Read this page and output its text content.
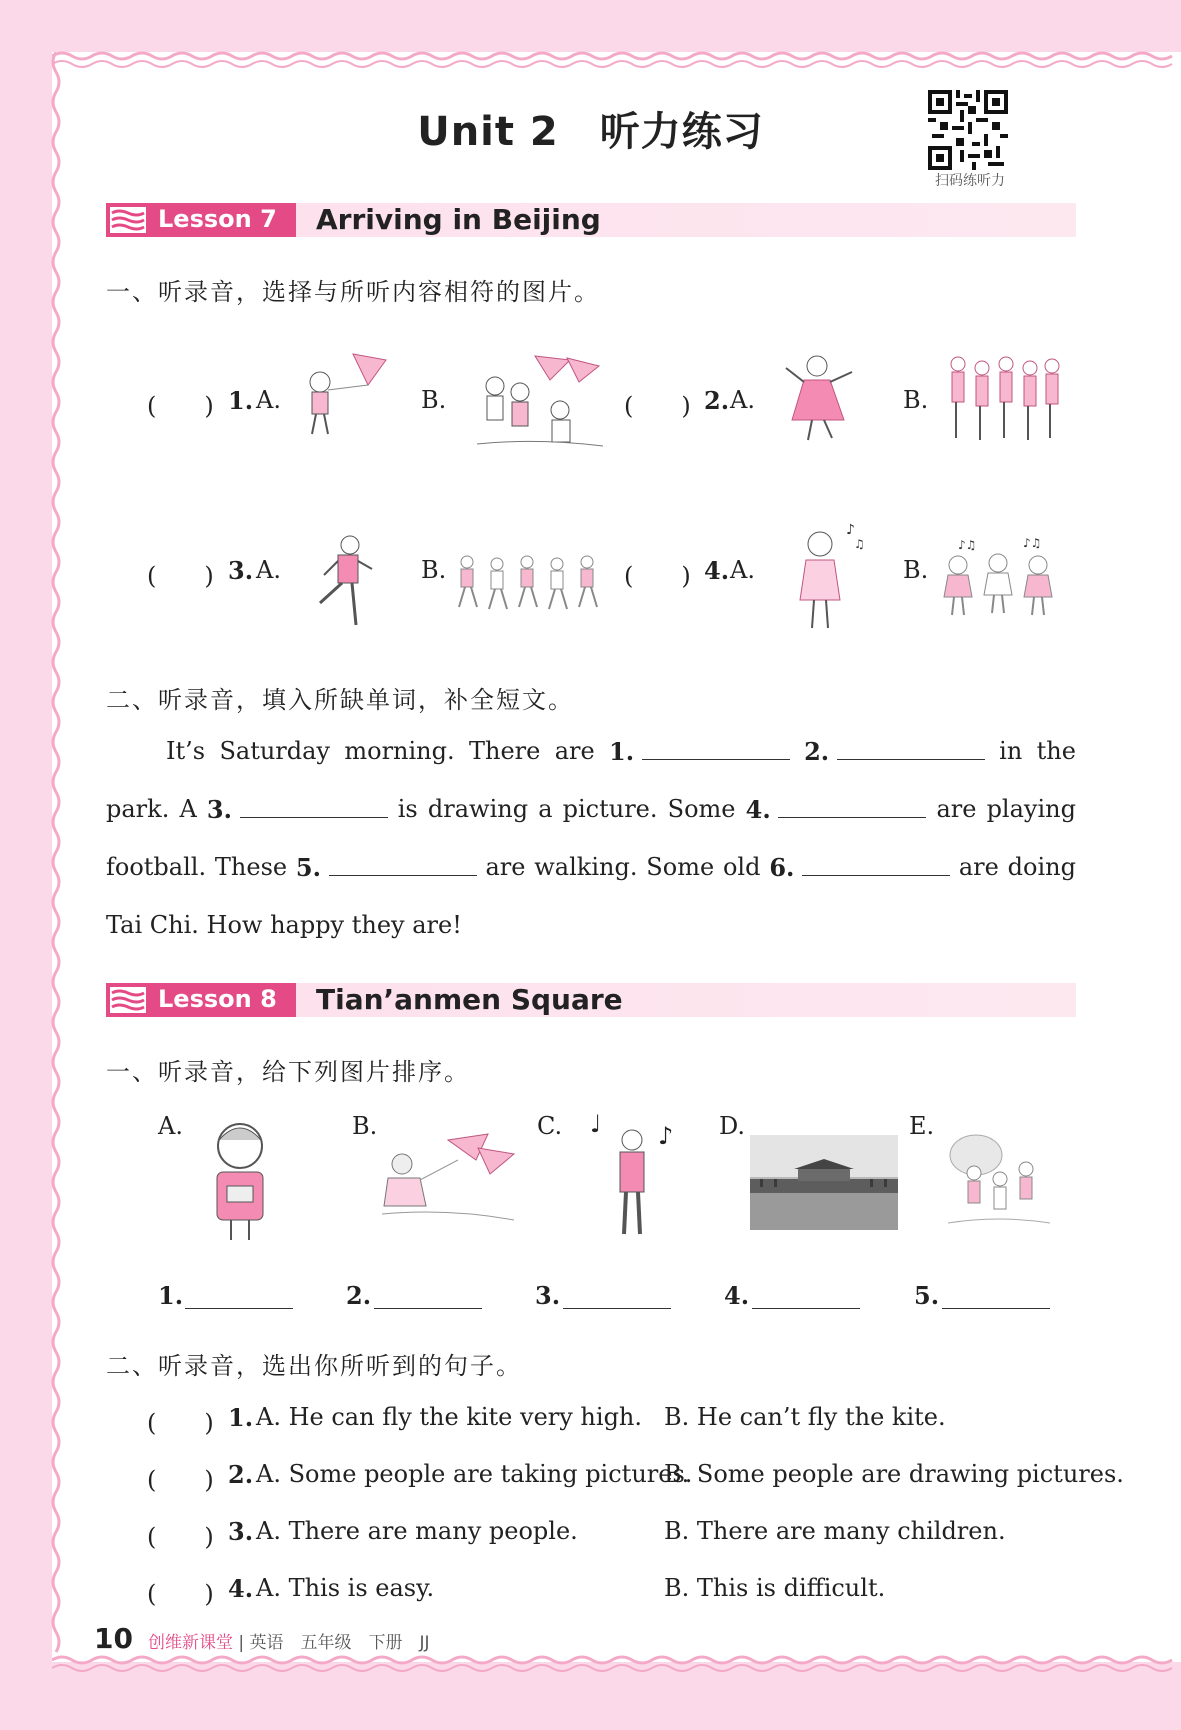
Unit 2　听力练习
扫码练听力
Lesson 7 Arriving in Beijing
一、听录音，选择与所听内容相符的图片。
(　　) 1. A.	B.	(　　) 2. A.	B.
(　　) 3. A.	B.	(　　) 4. A.	B.
♪
♫	♪♫	♪♫
二、听录音，填入所缺单词，补全短文。
It’s Saturday morning. There are 1.	2.	in the
park. A 3.	is drawing a picture. Some 4.	are playing
football. These 5.	are walking. Some old 6.	are doing
Tai Chi. How happy they are!
Lesson 8 Tian’anmen Square
一、听录音，给下列图片排序。
A.	B.	C.	D.	E.
♩ ♪
1.	2.	3.	4.	5.
二、听录音，选出你所听到的句子。
(　　) 1. A. He can fly the kite very high. B. He can’t fly the kite.
(　　) 2. A. Some people are taking pictures.
B. Some people are drawing pictures.
(　　) 3. A. There are many people.	B. There are many children.
(　　) 4. A. This is easy.	B. This is difficult.
10 创维新课堂 | 英语　五年级　下册　JJ
